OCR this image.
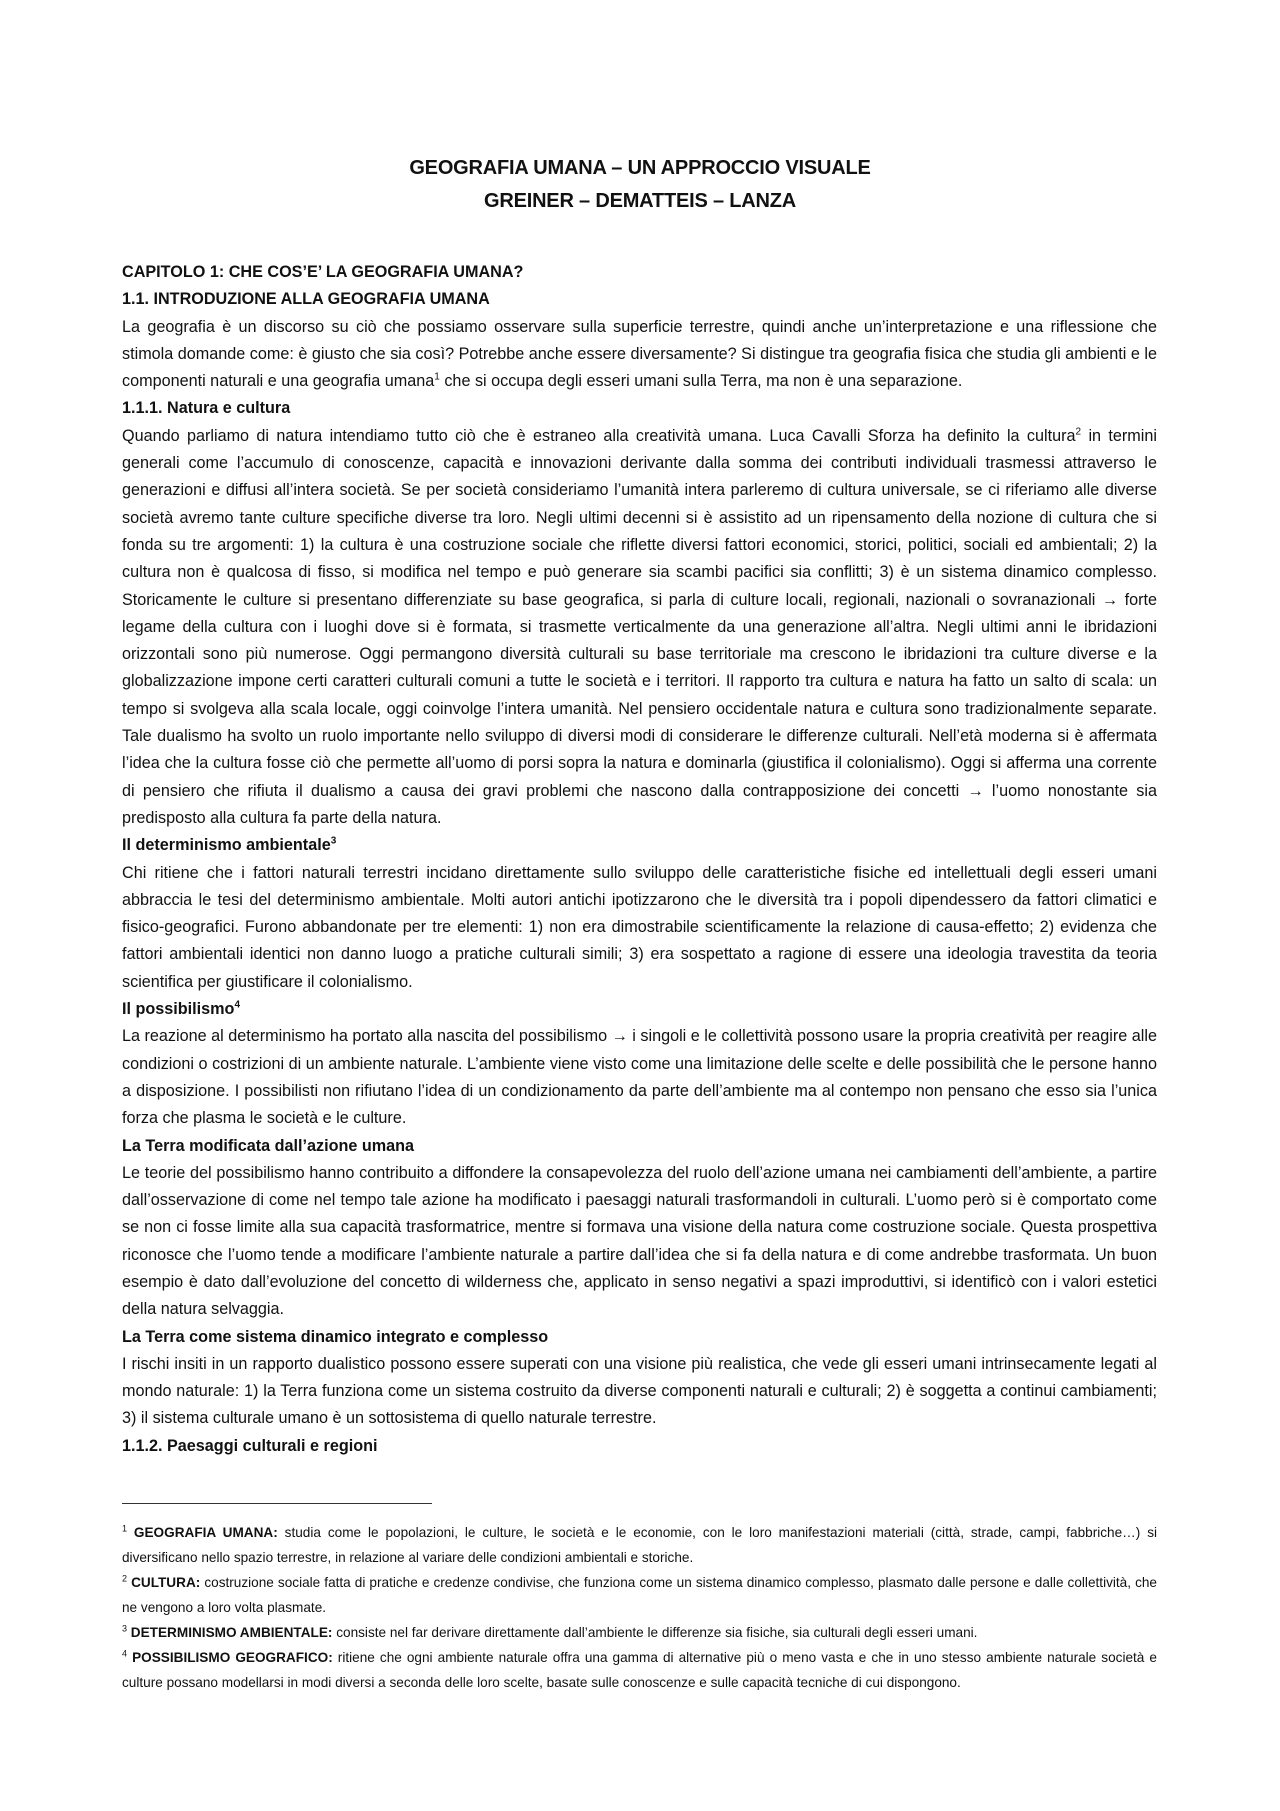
GEOGRAFIA UMANA – UN APPROCCIO VISUALE
GREINER – DEMATTEIS – LANZA

CAPITOLO 1: CHE COS’E’ LA GEOGRAFIA UMANA?

1.1. INTRODUZIONE ALLA GEOGRAFIA UMANA

La geografia è un discorso su ciò che possiamo osservare sulla superficie terrestre, quindi anche un’interpretazione e una riflessione che stimola domande come: è giusto che sia così? Potrebbe anche essere diversamente? Si distingue tra geografia fisica che studia gli ambienti e le componenti naturali e una geografia umana$^1$ che si occupa degli esseri umani sulla Terra, ma non è una separazione.

1.1.1. Natura e cultura

Quando parliamo di natura intendiamo tutto ciò che è estraneo alla creatività umana. Luca Cavalli Sforza ha definito la cultura$^2$ in termini generali come l’accumulo di conoscenze, capacità e innovazioni derivante dalla somma dei contributi individuali trasmessi attraverso le generazioni e diffusi all’intera società. Se per società consideriamo l’umanità intera parleremo di cultura universale, se ci riferiamo alle diverse società avremo tante culture specifiche diverse tra loro. Negli ultimi decenni si è assistito ad un ripensamento della nozione di cultura che si fonda su tre argomenti: 1) la cultura è una costruzione sociale che riflette diversi fattori economici, storici, politici, sociali ed ambientali; 2) la cultura non è qualcosa di fisso, si modifica nel tempo e può generare sia scambi pacifici sia conflitti; 3) è un sistema dinamico complesso. Storicamente le culture si presentano differenziate su base geografica, si parla di culture locali, regionali, nazionali o sovranazionali → forte legame della cultura con i luoghi dove si è formata, si trasmette verticalmente da una generazione all’altra. Negli ultimi anni le ibridazioni orizzontali sono più numerose. Oggi permangono diversità culturali su base territoriale ma crescono le ibridazioni tra culture diverse e la globalizzazione impone certi caratteri culturali comuni a tutte le società e i territori. Il rapporto tra cultura e natura ha fatto un salto di scala: un tempo si svolgeva alla scala locale, oggi coinvolge l’intera umanità. Nel pensiero occidentale natura e cultura sono tradizionalmente separate. Tale dualismo ha svolto un ruolo importante nello sviluppo di diversi modi di considerare le differenze culturali. Nell’età moderna si è affermata l’idea che la cultura fosse ciò che permette all’uomo di porsi sopra la natura e dominarla (giustifica il colonialismo). Oggi si afferma una corrente di pensiero che rifiuta il dualismo a causa dei gravi problemi che nascono dalla contrapposizione dei concetti → l’uomo nonostante sia predisposto alla cultura fa parte della natura.

Il determinismo ambientale$^3$

Chi ritiene che i fattori naturali terrestri incidano direttamente sullo sviluppo delle caratteristiche fisiche ed intellettuali degli esseri umani abbraccia le tesi del determinismo ambientale. Molti autori antichi ipotizzarono che le diversità tra i popoli dipendessero da fattori climatici e fisico-geografici. Furono abbandonate per tre elementi: 1) non era dimostrabile scientificamente la relazione di causa-effetto; 2) evidenza che fattori ambientali identici non danno luogo a pratiche culturali simili; 3) era sospettato a ragione di essere una ideologia travestita da teoria scientifica per giustificare il colonialismo.

Il possibilismo$^4$

La reazione al determinismo ha portato alla nascita del possibilismo → i singoli e le collettività possono usare la propria creatività per reagire alle condizioni o costrizioni di un ambiente naturale. L’ambiente viene visto come una limitazione delle scelte e delle possibilità che le persone hanno a disposizione. I possibilisti non rifiutano l’idea di un condizionamento da parte dell’ambiente ma al contempo non pensano che esso sia l’unica forza che plasma le società e le culture.

La Terra modificata dall’azione umana

Le teorie del possibilismo hanno contribuito a diffondere la consapevolezza del ruolo dell’azione umana nei cambiamenti dell’ambiente, a partire dall’osservazione di come nel tempo tale azione ha modificato i paesaggi naturali trasformandoli in culturali. L’uomo però si è comportato come se non ci fosse limite alla sua capacità trasformatrice, mentre si formava una visione della natura come costruzione sociale. Questa prospettiva riconosce che l’uomo tende a modificare l’ambiente naturale a partire dall’idea che si fa della natura e di come andrebbe trasformata. Un buon esempio è dato dall’evoluzione del concetto di wilderness che, applicato in senso negativi a spazi improduttivi, si identificò con i valori estetici della natura selvaggia.

La Terra come sistema dinamico integrato e complesso

I rischi insiti in un rapporto dualistico possono essere superati con una visione più realistica, che vede gli esseri umani intrinsecamente legati al mondo naturale: 1) la Terra funziona come un sistema costruito da diverse componenti naturali e culturali; 2) è soggetta a continui cambiamenti; 3) il sistema culturale umano è un sottosistema di quello naturale terrestre.

1.1.2. Paesaggi culturali e regioni

$^1$ GEOGRAFIA UMANA: studia come le popolazioni, le culture, le società e le economie, con le loro manifestazioni materiali (città, strade, campi, fabbriche…) si diversificano nello spazio terrestre, in relazione al variare delle condizioni ambientali e storiche.

$^2$ CULTURA: costruzione sociale fatta di pratiche e credenze condivise, che funziona come un sistema dinamico complesso, plasmato dalle persone e dalle collettività, che ne vengono a loro volta plasmate.

$^3$ DETERMINISMO AMBIENTALE: consiste nel far derivare direttamente dall’ambiente le differenze sia fisiche, sia culturali degli esseri umani.

$^4$ POSSIBILISMO GEOGRAFICO: ritiene che ogni ambiente naturale offra una gamma di alternative più o meno vasta e che in uno stesso ambiente naturale società e culture possano modellarsi in modi diversi a seconda delle loro scelte, basate sulle conoscenze e sulle capacità tecniche di cui dispongono.
